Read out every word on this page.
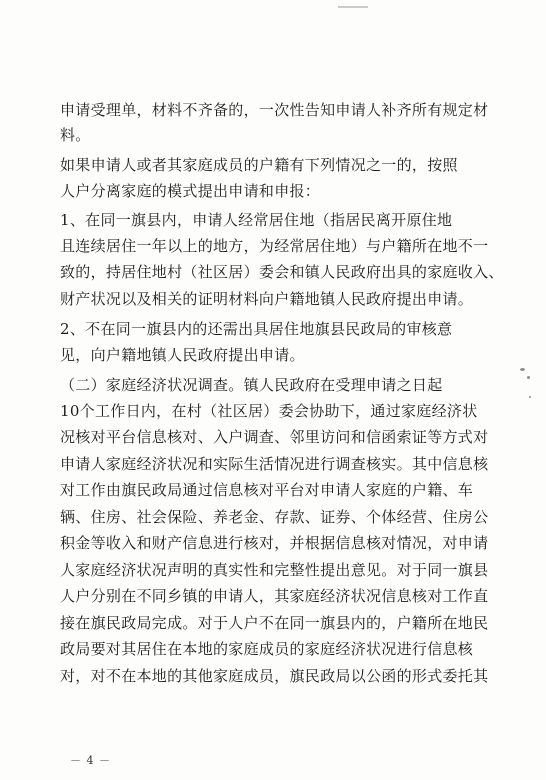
申请受理单，材料不齐备的，一次性告知申请人补齐所有规定材
料。
如果申请人或者其家庭成员的户籍有下列情况之一的，按照
人户分离家庭的模式提出申请和申报：
1、在同一旗县内，申请人经常居住地（指居民离开原住地
且连续居住一年以上的地方，为经常居住地）与户籍所在地不一
致的，持居住地村（社区居）委会和镇人民政府出具的家庭收入、
财产状况以及相关的证明材料向户籍地镇人民政府提出申请。
2、不在同一旗县内的还需出具居住地旗县民政局的审核意
见，向户籍地镇人民政府提出申请。
（二）家庭经济状况调查。镇人民政府在受理申请之日起
10个工作日内，在村（社区居）委会协助下，通过家庭经济状
况核对平台信息核对、入户调查、邻里访问和信函索证等方式对
申请人家庭经济状况和实际生活情况进行调查核实。其中信息核
对工作由旗民政局通过信息核对平台对申请人家庭的户籍、车
辆、住房、社会保险、养老金、存款、证券、个体经营、住房公
积金等收入和财产信息进行核对，并根据信息核对情况，对申请
人家庭经济状况声明的真实性和完整性提出意见。对于同一旗县
人户分别在不同乡镇的申请人，其家庭经济状况信息核对工作直
接在旗民政局完成。对于人户不在同一旗县内的，户籍所在地民
政局要对其居住在本地的家庭成员的家庭经济状况进行信息核
对，对不在本地的其他家庭成员，旗民政局以公函的形式委托其
－ 4 －
